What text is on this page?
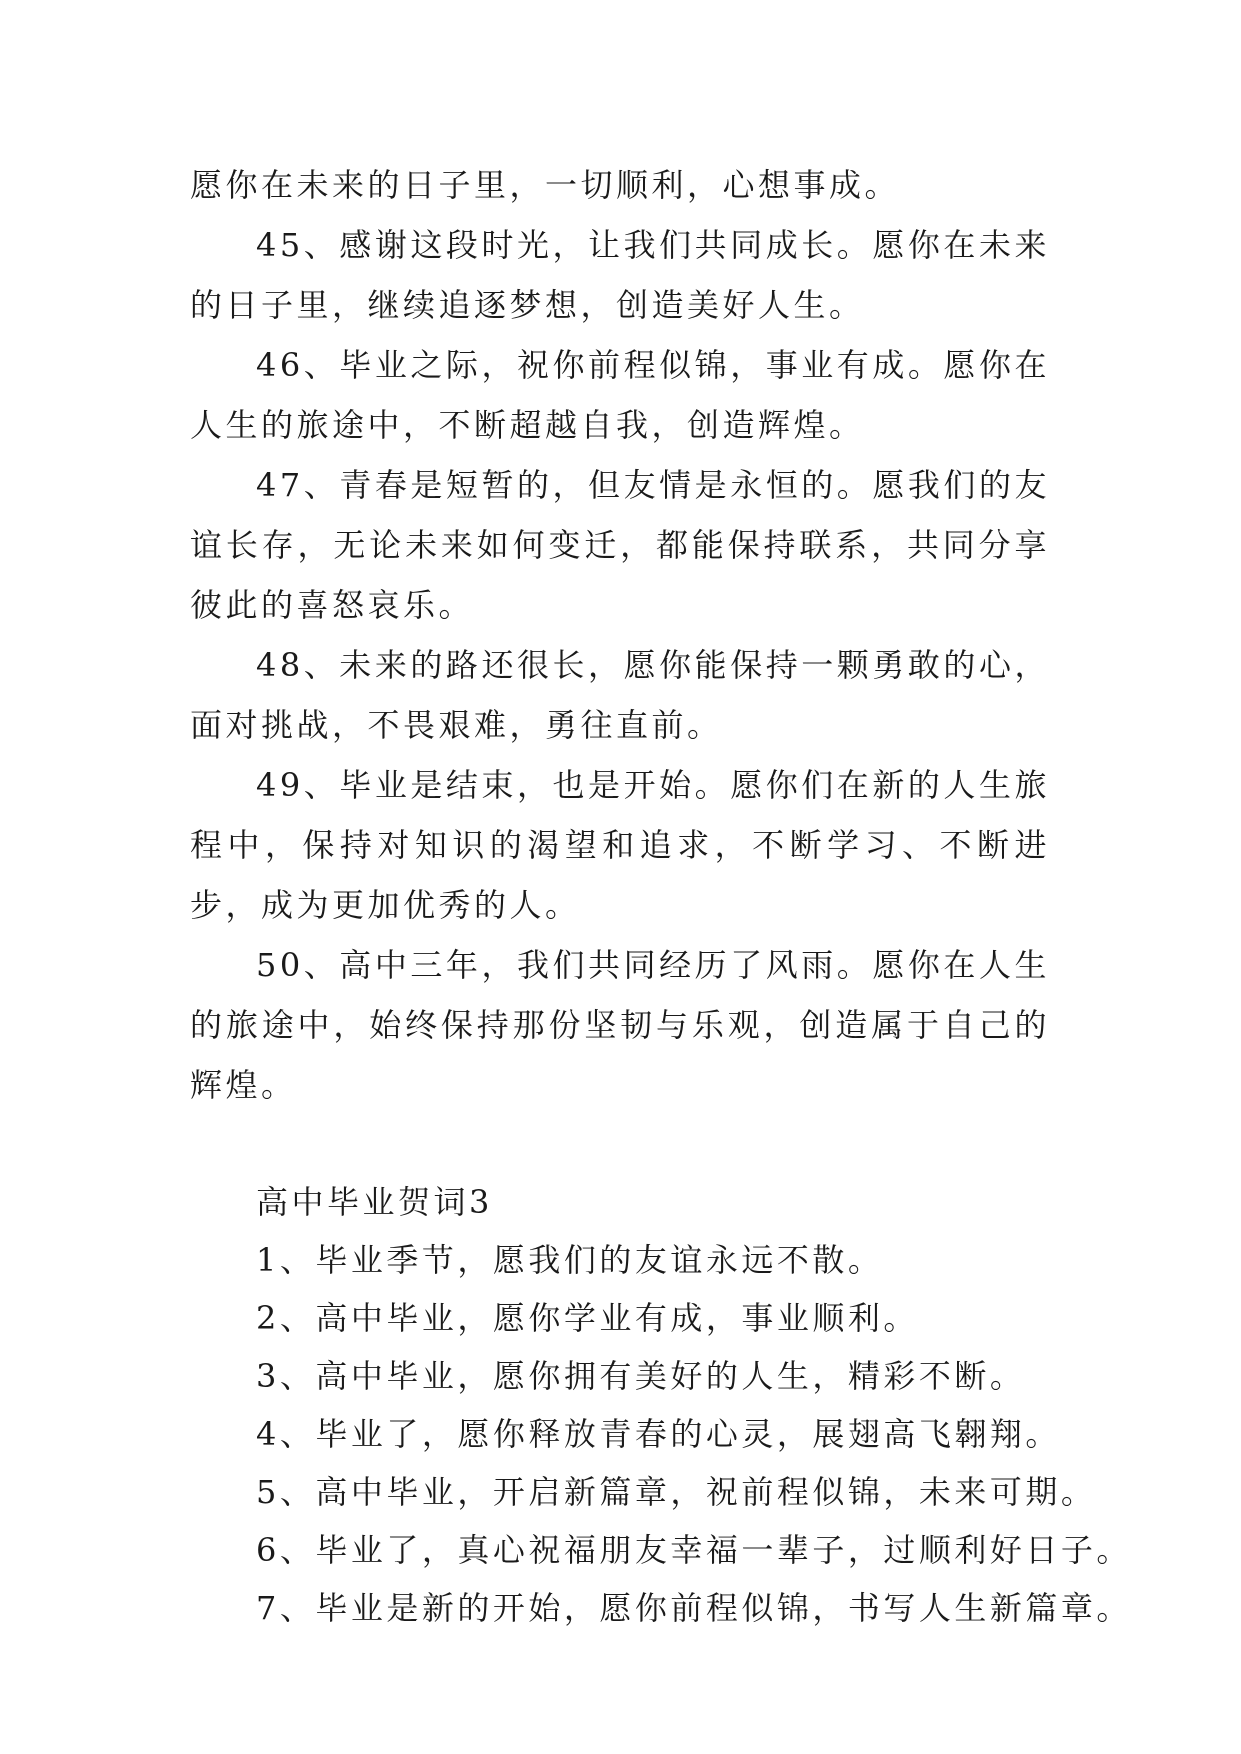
愿你在未来的日子里，一切顺利，心想事成。

45、感谢这段时光，让我们共同成长。愿你在未来的日子里，继续追逐梦想，创造美好人生。

46、毕业之际，祝你前程似锦，事业有成。愿你在人生的旅途中，不断超越自我，创造辉煌。

47、青春是短暂的，但友情是永恒的。愿我们的友谊长存，无论未来如何变迁，都能保持联系，共同分享彼此的喜怒哀乐。

48、未来的路还很长，愿你能保持一颗勇敢的心，面对挑战，不畏艰难，勇往直前。

49、毕业是结束，也是开始。愿你们在新的人生旅程中，保持对知识的渴望和追求，不断学习、不断进步，成为更加优秀的人。

50、高中三年，我们共同经历了风雨。愿你在人生的旅途中，始终保持那份坚韧与乐观，创造属于自己的辉煌。

高中毕业贺词3

1、毕业季节，愿我们的友谊永远不散。

2、高中毕业，愿你学业有成，事业顺利。

3、高中毕业，愿你拥有美好的人生，精彩不断。

4、毕业了，愿你释放青春的心灵，展翅高飞翱翔。

5、高中毕业，开启新篇章，祝前程似锦，未来可期。

6、毕业了，真心祝福朋友幸福一辈子，过顺利好日子。

7、毕业是新的开始，愿你前程似锦，书写人生新篇章。
